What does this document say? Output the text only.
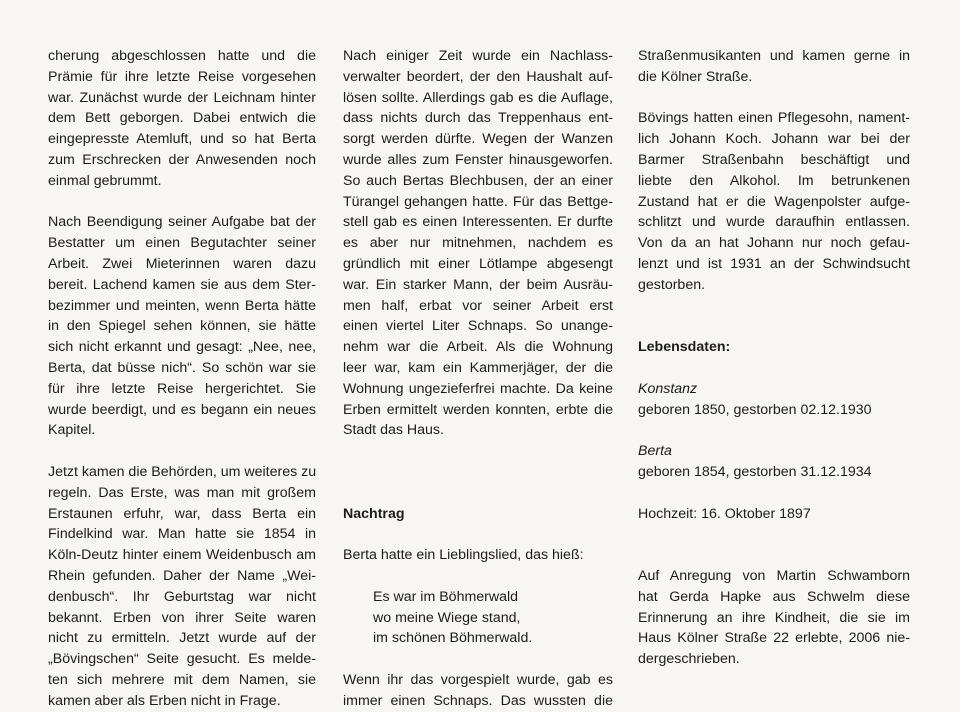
cherung abgeschlossen hatte und die
Prämie für ihre letzte Reise vorgesehen
war. Zunächst wurde der Leichnam hinter
dem Bett geborgen. Dabei entwich die
eingepresste Atemluft, und so hat Berta
zum Erschrecken der Anwesenden noch
einmal gebrummt.

Nach Beendigung seiner Aufgabe bat der
Bestatter um einen Begutachter seiner
Arbeit. Zwei Mieterinnen waren dazu
bereit. Lachend kamen sie aus dem Ster-
bezimmer und meinten, wenn Berta hätte
in den Spiegel sehen können, sie hätte
sich nicht erkannt und gesagt: „Nee, nee,
Berta, dat büsse nich“. So schön war sie
für ihre letzte Reise hergerichtet. Sie
wurde beerdigt, und es begann ein neues
Kapitel.

Jetzt kamen die Behörden, um weiteres zu
regeln. Das Erste, was man mit großem
Erstaunen erfuhr, war, dass Berta ein
Findelkind war. Man hatte sie 1854 in
Köln-Deutz hinter einem Weidenbusch am
Rhein gefunden. Daher der Name „Wei-
denbusch“. Ihr Geburtstag war nicht
bekannt. Erben von ihrer Seite waren
nicht zu ermitteln. Jetzt wurde auf der
„Bövingschen“ Seite gesucht. Es melde-
ten sich mehrere mit dem Namen, sie
kamen aber als Erben nicht in Frage.

Nach einiger Zeit wurde ein Nachlass-
verwalter beordert, der den Haushalt auf-
lösen sollte. Allerdings gab es die Auflage,
dass nichts durch das Treppenhaus ent-
sorgt werden dürfte. Wegen der Wanzen
wurde alles zum Fenster hinausgeworfen.
So auch Bertas Blechbusen, der an einer
Türangel gehangen hatte. Für das Bettge-
stell gab es einen Interessenten. Er durfte
es aber nur mitnehmen, nachdem es
gründlich mit einer Lötlampe abgesengt
war. Ein starker Mann, der beim Ausräu-
men half, erbat vor seiner Arbeit erst
einen viertel Liter Schnaps. So unange-
nehm war die Arbeit. Als die Wohnung
leer war, kam ein Kammerjäger, der die
Wohnung ungezieferfrei machte. Da keine
Erben ermittelt werden konnten, erbte die
Stadt das Haus.

Nachtrag

Berta hatte ein Lieblingslied, das hieß:

Es war im Böhmerwald
wo meine Wiege stand,
im schönen Böhmerwald.

Wenn ihr das vorgespielt wurde, gab es
immer einen Schnaps. Das wussten die

Straßenmusikanten und kamen gerne in
die Kölner Straße.

Bövings hatten einen Pflegesohn, nament-
lich Johann Koch. Johann war bei der
Barmer Straßenbahn beschäftigt und
liebte den Alkohol. Im betrunkenen
Zustand hat er die Wagenpolster aufge-
schlitzt und wurde daraufhin entlassen.
Von da an hat Johann nur noch gefau-
lenzt und ist 1931 an der Schwindsucht
gestorben.

Lebensdaten:

Konstanz

geboren 1850, gestorben 02.12.1930

Berta

geboren 1854, gestorben 31.12.1934

Hochzeit: 16. Oktober 1897

Auf Anregung von Martin Schwamborn
hat Gerda Hapke aus Schwelm diese
Erinnerung an ihre Kindheit, die sie im
Haus Kölner Straße 22 erlebte, 2006 nie-
dergeschrieben.
